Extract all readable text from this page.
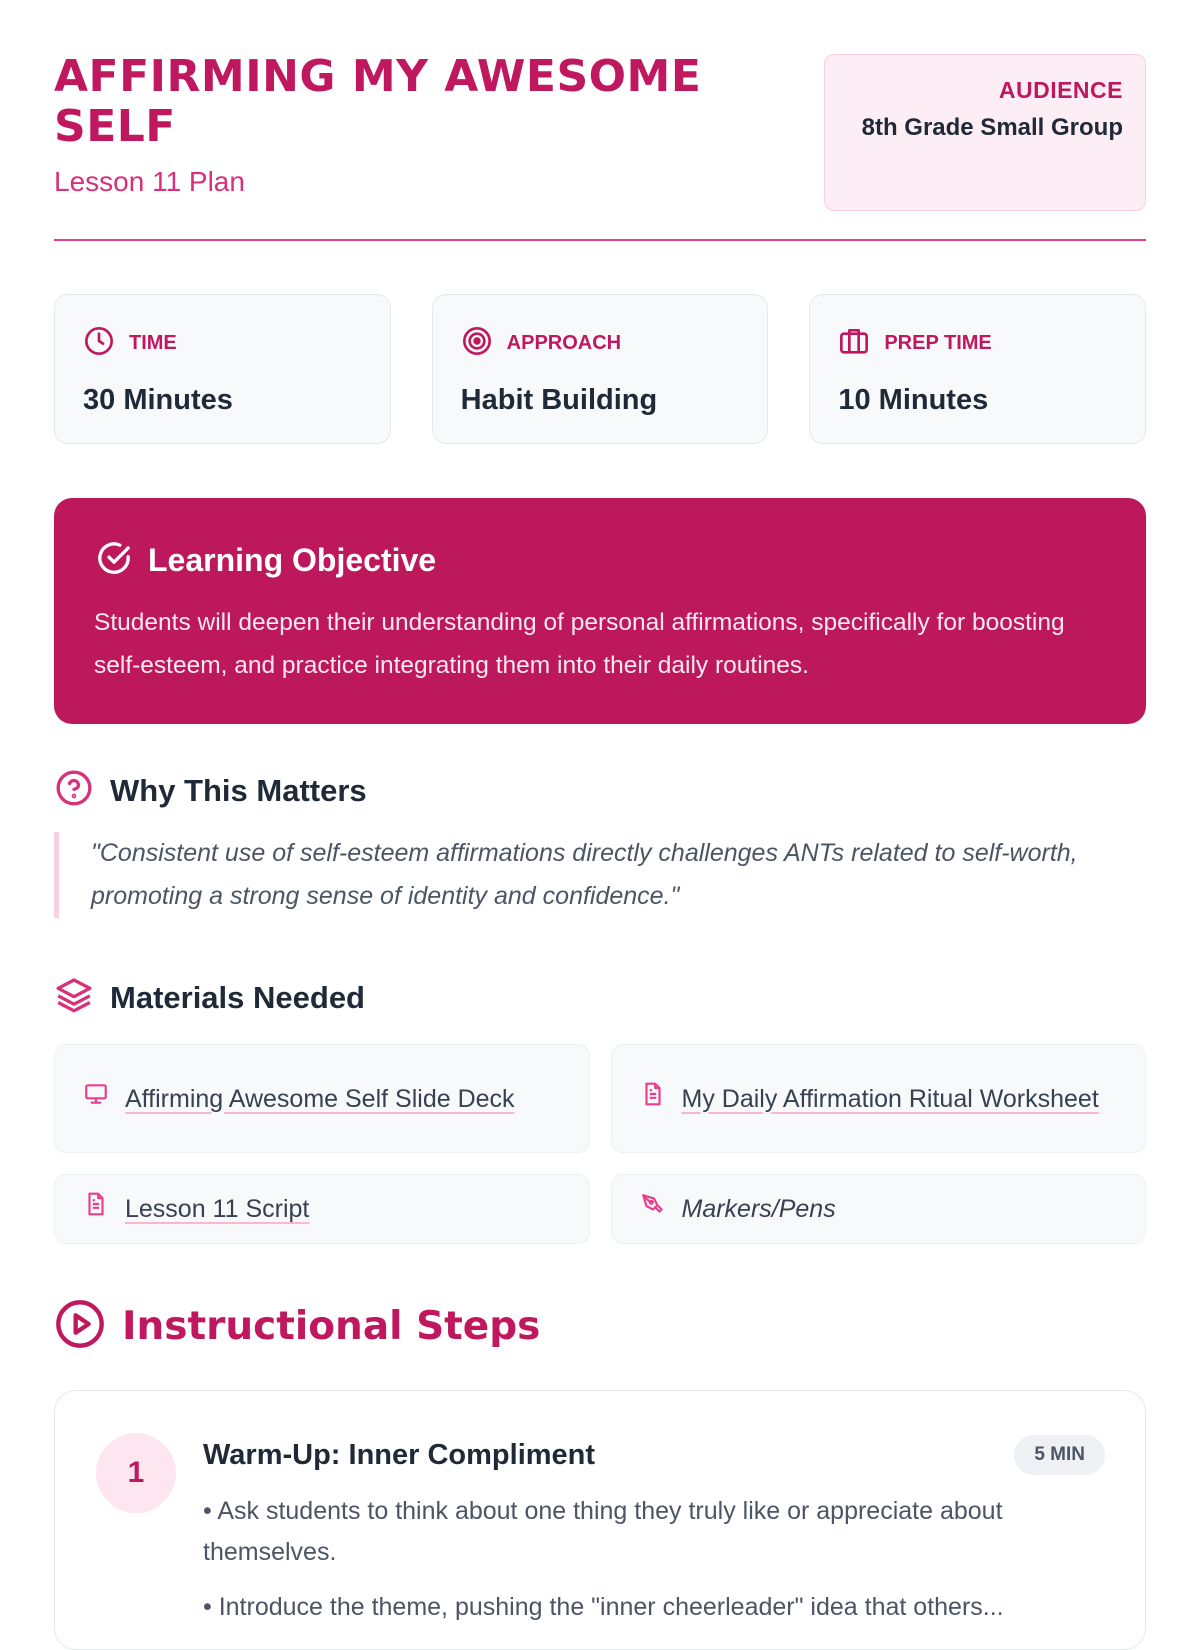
AFFIRMING MY AWESOME SELF
Lesson 11 Plan
AUDIENCE
8th Grade Small Group
TIME
30 Minutes
APPROACH
Habit Building
PREP TIME
10 Minutes
Learning Objective
Students will deepen their understanding of personal affirmations, specifically for boosting self-esteem, and practice integrating them into their daily routines.
Why This Matters
"Consistent use of self-esteem affirmations directly challenges ANTs related to self-worth, promoting a strong sense of identity and confidence."
Materials Needed
Affirming Awesome Self Slide Deck	My Daily Affirmation Ritual Worksheet
Lesson 11 Script	Markers/Pens
Instructional Steps
1
Warm-Up: Inner Compliment	5 MIN
• Ask students to think about one thing they truly like or appreciate about themselves.
• Introduce the theme, pushing the "inner cheerleader" idea that others...
